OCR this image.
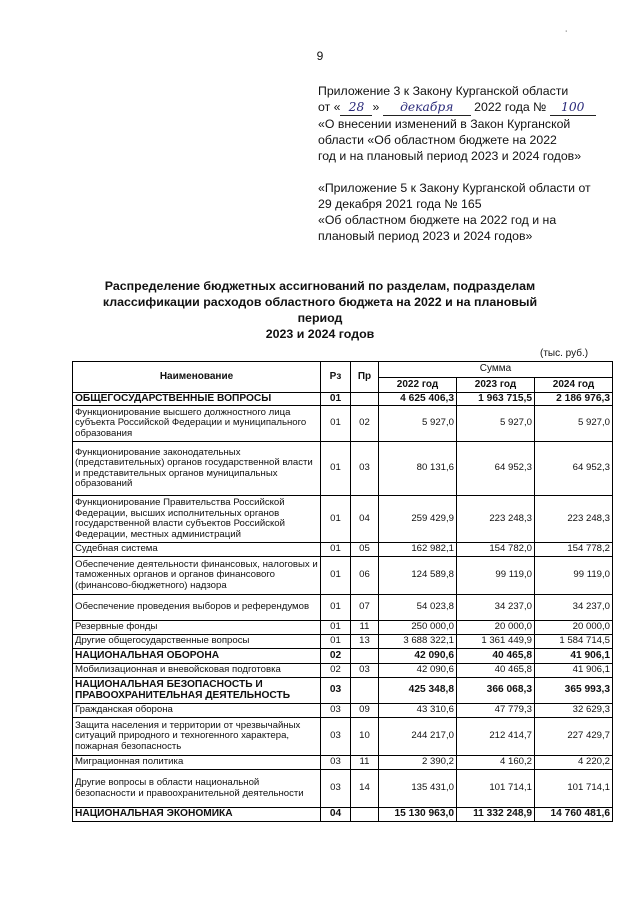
˙
9

Приложение 3 к Закону Курганской области

от « 28 » декабря 2022 года № 100

«О внесении изменений в Закон Курганской

области «Об областном бюджете на 2022

год и на плановый период 2023 и 2024 годов»

«Приложение 5 к Закону Курганской области от

29 декабря 2021 года № 165

«Об областном бюджете на 2022 год и на

плановый период 2023 и 2024 годов»

Распределение бюджетных ассигнований по разделам, подразделам
классификации расходов областного бюджета на 2022 и на плановый период
2023 и 2024 годов
(тыс. руб.)
Наименование	Рз	Пр	Сумма		
			2022 год	2023 год	2024 год
ОБЩЕГОСУДАРСТВЕННЫЕ ВОПРОСЫ	01		4 625 406,3	1 963 715,5	2 186 976,3
Функционирование высшего должностного лица субъекта Российской Федерации и муниципального образования	01	02	5 927,0	5 927,0	5 927,0
Функционирование законодательных (представительных) органов государственной власти и представительных органов муниципальных образований	01	03	80 131,6	64 952,3	64 952,3
Функционирование Правительства Российской Федерации, высших исполнительных органов государственной власти субъектов Российской Федерации, местных администраций	01	04	259 429,9	223 248,3	223 248,3
Судебная система	01	05	162 982,1	154 782,0	154 778,2
Обеспечение деятельности финансовых, налоговых и таможенных органов и органов финансового (финансово-бюджетного) надзора	01	06	124 589,8	99 119,0	99 119,0
Обеспечение проведения выборов и референдумов	01	07	54 023,8	34 237,0	34 237,0
Резервные фонды	01	11	250 000,0	20 000,0	20 000,0
Другие общегосударственные вопросы	01	13	3 688 322,1	1 361 449,9	1 584 714,5
НАЦИОНАЛЬНАЯ ОБОРОНА	02		42 090,6	40 465,8	41 906,1
Мобилизационная и вневойсковая подготовка	02	03	42 090,6	40 465,8	41 906,1
НАЦИОНАЛЬНАЯ БЕЗОПАСНОСТЬ И ПРАВООХРАНИТЕЛЬНАЯ ДЕЯТЕЛЬНОСТЬ	03		425 348,8	366 068,3	365 993,3
Гражданская оборона	03	09	43 310,6	47 779,3	32 629,3
Защита населения и территории от чрезвычайных ситуаций природного и техногенного характера, пожарная безопасность	03	10	244 217,0	212 414,7	227 429,7
Миграционная политика	03	11	2 390,2	4 160,2	4 220,2
Другие вопросы в области национальной безопасности и правоохранительной деятельности	03	14	135 431,0	101 714,1	101 714,1
НАЦИОНАЛЬНАЯ ЭКОНОМИКА	04		15 130 963,0	11 332 248,9	14 760 481,6
